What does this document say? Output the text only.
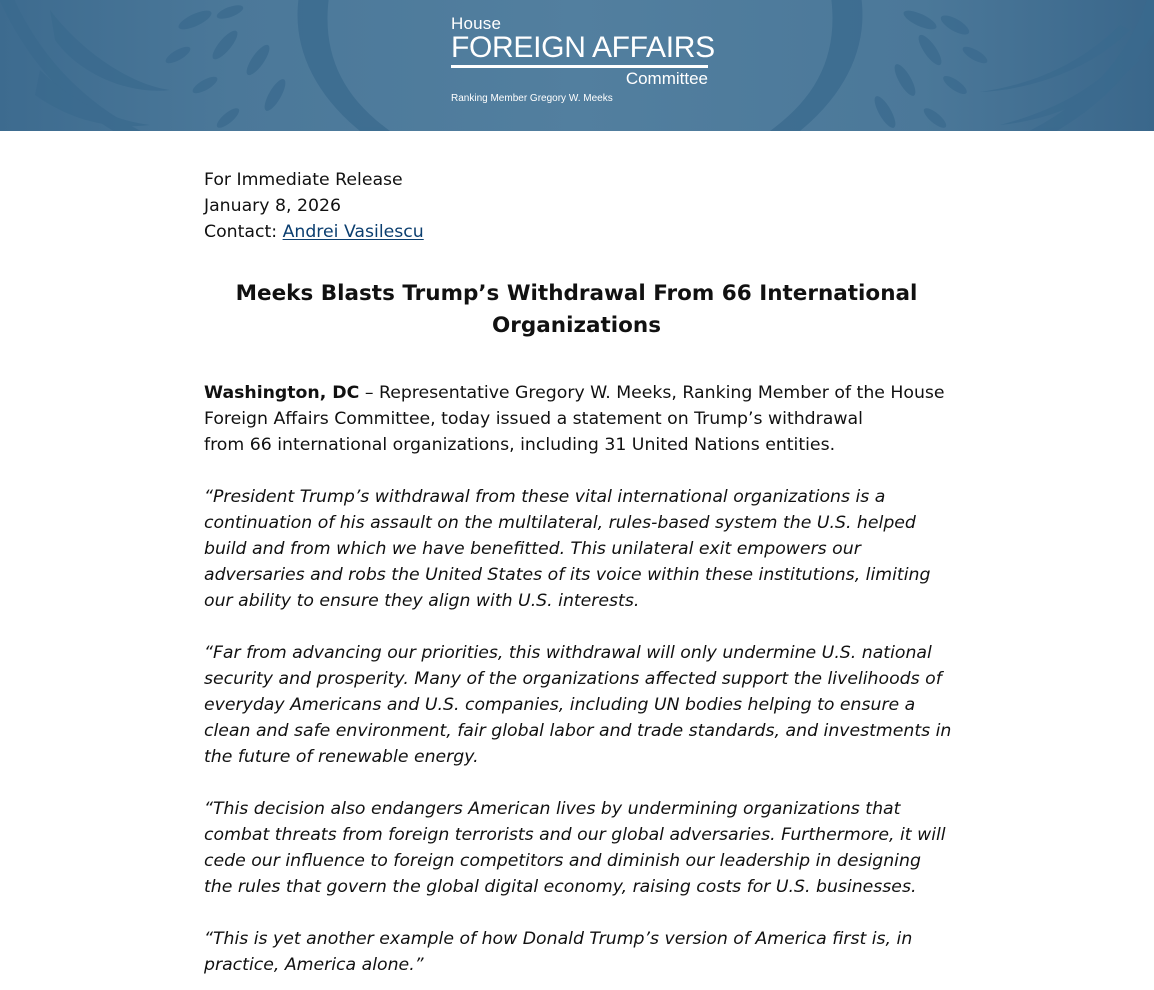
House
FOREIGN AFFAIRS
Committee
Ranking Member Gregory W. Meeks
For Immediate Release
January 8, 2026
Contact: Andrei Vasilescu
Meeks Blasts Trump’s Withdrawal From 66 International
Organizations

Washington, DC – Representative Gregory W. Meeks, Ranking Member of the House
Foreign Affairs Committee, today issued a statement on Trump’s withdrawal
from 66 international organizations, including 31 United Nations entities.

“President Trump’s withdrawal from these vital international organizations is a
continuation of his assault on the multilateral, rules-based system the U.S. helped
build and from which we have benefitted. This unilateral exit empowers our
adversaries and robs the United States of its voice within these institutions, limiting
our ability to ensure they align with U.S. interests.

“Far from advancing our priorities, this withdrawal will only undermine U.S. national
security and prosperity. Many of the organizations affected support the livelihoods of
everyday Americans and U.S. companies, including UN bodies helping to ensure a
clean and safe environment, fair global labor and trade standards, and investments in
the future of renewable energy.

“This decision also endangers American lives by undermining organizations that
combat threats from foreign terrorists and our global adversaries. Furthermore, it will
cede our influence to foreign competitors and diminish our leadership in designing
the rules that govern the global digital economy, raising costs for U.S. businesses.

“This is yet another example of how Donald Trump’s version of America first is, in
practice, America alone.”
